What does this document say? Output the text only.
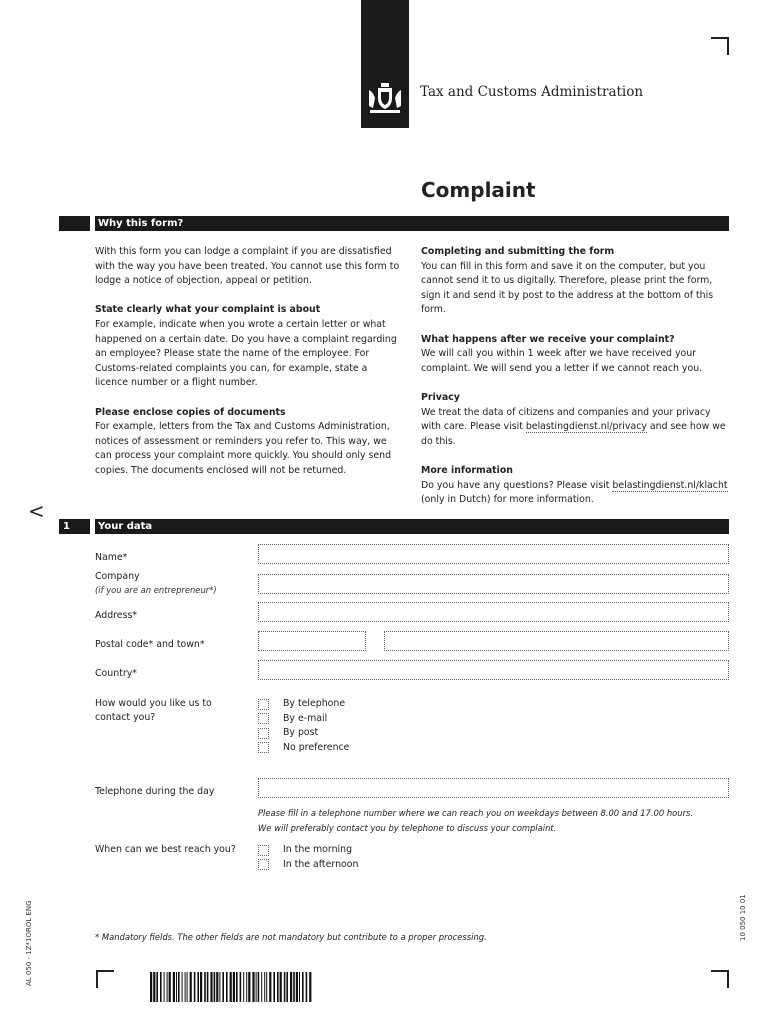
Tax and Customs Administration
<
Complaint
Why this form?
With this form you can lodge a complaint if you are dissatisfied with the way you have been treated. You cannot use this form to lodge a notice of objection, appeal or petition.
State clearly what your complaint is about
For example, indicate when you wrote a certain letter or what happened on a certain date. Do you have a complaint regarding an employee? Please state the name of the employee. For Customs-related complaints you can, for example, state a licence number or a flight number.
Please enclose copies of documents
For example, letters from the Tax and Customs Administration, notices of assessment or reminders you refer to. This way, we can process your complaint more quickly. You should only send copies. The documents enclosed will not be returned.
Completing and submitting the form
You can fill in this form and save it on the computer, but you cannot send it to us digitally. Therefore, please print the form, sign it and send it by post to the address at the bottom of this form.
What happens after we receive your complaint?
We will call you within 1 week after we have received your complaint. We will send you a letter if we cannot reach you.
Privacy
We treat the data of citizens and companies and your privacy with care. Please visit belastingdienst.nl/privacy and see how we do this.
More information
Do you have any questions? Please visit belastingdienst.nl/klacht (only in Dutch) for more information.
1	Your data
Name*
Company
(if you are an entrepreneur*)
Address*
Postal code* and town*
Country*
How would you like us to
contact you?
By telephone
By e-mail
By post
No preference
Telephone during the day
Please fill in a telephone number where we can reach you on weekdays between 8.00 and 17.00 hours.
We will preferably contact you by telephone to discuss your complaint.
When can we best reach you?	In the morning
In the afternoon
* Mandatory fields. The other fields are not mandatory but contribute to a proper processing.
AL 050 - 1Z*1OROL ENG	10 050 10 01
